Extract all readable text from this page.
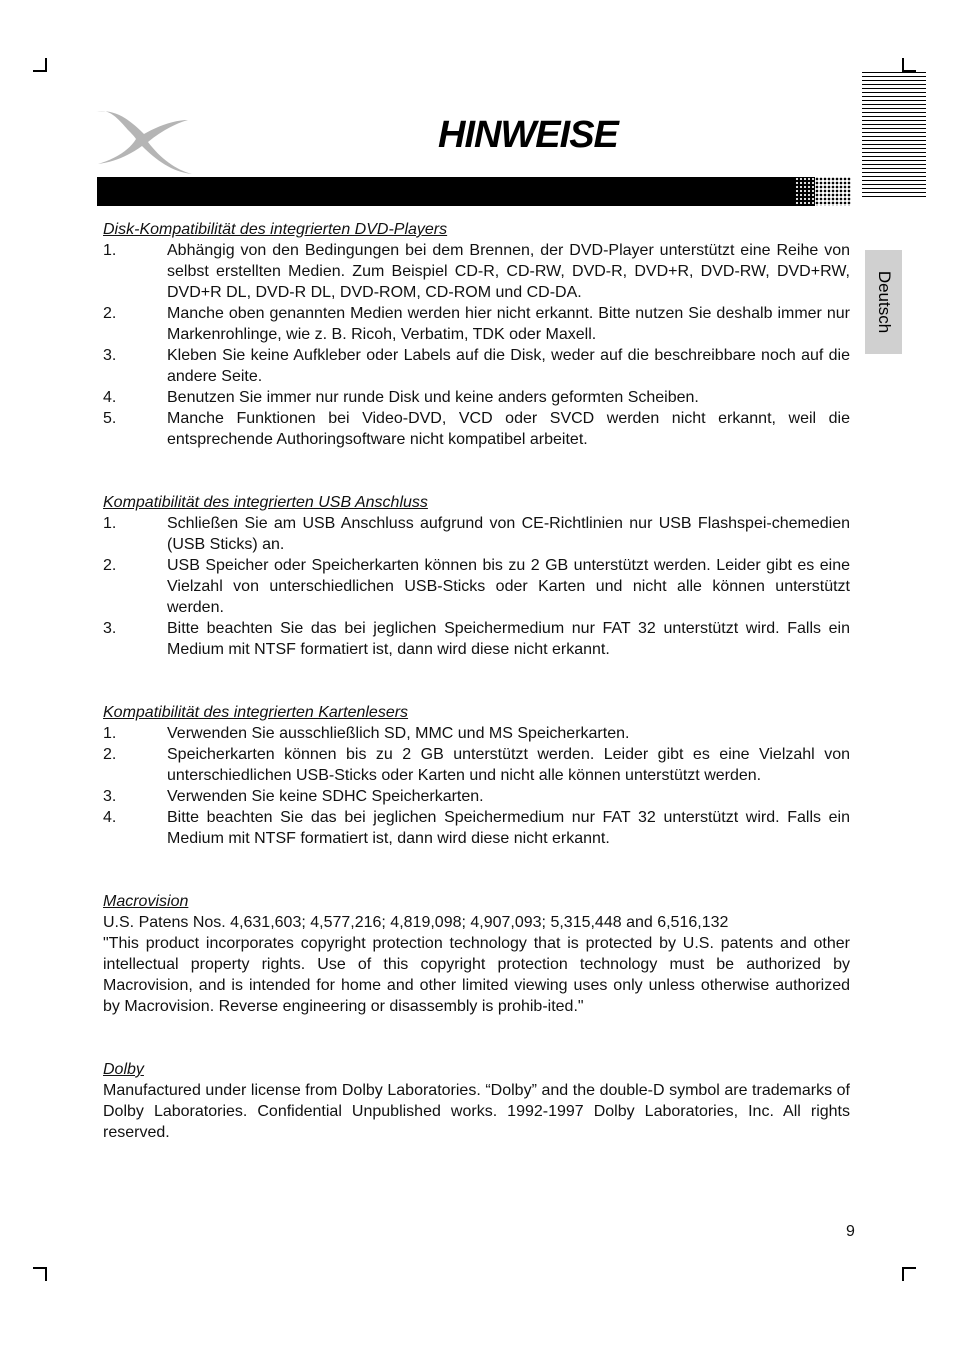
HINWEISE
Deutsch
Disk-Kompatibilität des integrierten DVD-Players
1.	Abhängig von den Bedingungen bei dem Brennen, der DVD-Player unterstützt eine Reihe von selbst erstellten Medien. Zum Beispiel CD-R, CD-RW, DVD-R, DVD+R, DVD-RW, DVD+RW, DVD+R DL, DVD-R DL, DVD-ROM, CD-ROM und CD-DA.
2.	Manche oben genannten Medien werden hier nicht erkannt. Bitte nutzen Sie deshalb immer nur Markenrohlinge, wie z. B. Ricoh, Verbatim, TDK oder Maxell.
3.	Kleben Sie keine Aufkleber oder Labels auf die Disk, weder auf die beschreibbare noch auf die andere Seite.
4.	Benutzen Sie immer nur runde Disk und keine anders geformten Scheiben.
5.	Manche Funktionen bei Video-DVD, VCD oder SVCD werden nicht erkannt, weil die entsprechende Authoringsoftware nicht kompatibel arbeitet.
Kompatibilität des integrierten USB Anschluss
1.	Schließen Sie am USB Anschluss aufgrund von CE-Richtlinien nur USB Flashspei-chemedien (USB Sticks) an.
2.	USB Speicher oder Speicherkarten können bis zu 2 GB unterstützt werden. Leider gibt es eine Vielzahl von unterschiedlichen USB-Sticks oder Karten und nicht alle können unterstützt werden.
3.	Bitte beachten Sie das bei jeglichen Speichermedium nur FAT 32 unterstützt wird. Falls ein Medium mit NTSF formatiert ist, dann wird diese nicht erkannt.
Kompatibilität des integrierten Kartenlesers
1.	Verwenden Sie ausschließlich SD, MMC und MS Speicherkarten.
2.	Speicherkarten können bis zu 2 GB unterstützt werden. Leider gibt es eine Vielzahl von unterschiedlichen USB-Sticks oder Karten und nicht alle können unterstützt werden.
3.	Verwenden Sie keine SDHC Speicherkarten.
4.	Bitte beachten Sie das bei jeglichen Speichermedium nur FAT 32 unterstützt wird. Falls ein Medium mit NTSF formatiert ist, dann wird diese nicht erkannt.
Macrovision
U.S. Patens Nos. 4,631,603; 4,577,216; 4,819,098; 4,907,093; 5,315,448 and 6,516,132
"This product incorporates copyright protection technology that is protected by U.S. patents and other intellectual property rights. Use of this copyright protection technology must be authorized by Macrovision, and is intended for home and other limited viewing uses only unless otherwise authorized by Macrovision. Reverse engineering or disassembly is prohib-ited."
Dolby
Manufactured under license from Dolby Laboratories. “Dolby” and the double-D symbol are trademarks of Dolby Laboratories. Confidential Unpublished works. 1992-1997 Dolby Laboratories, Inc. All rights reserved.
9
